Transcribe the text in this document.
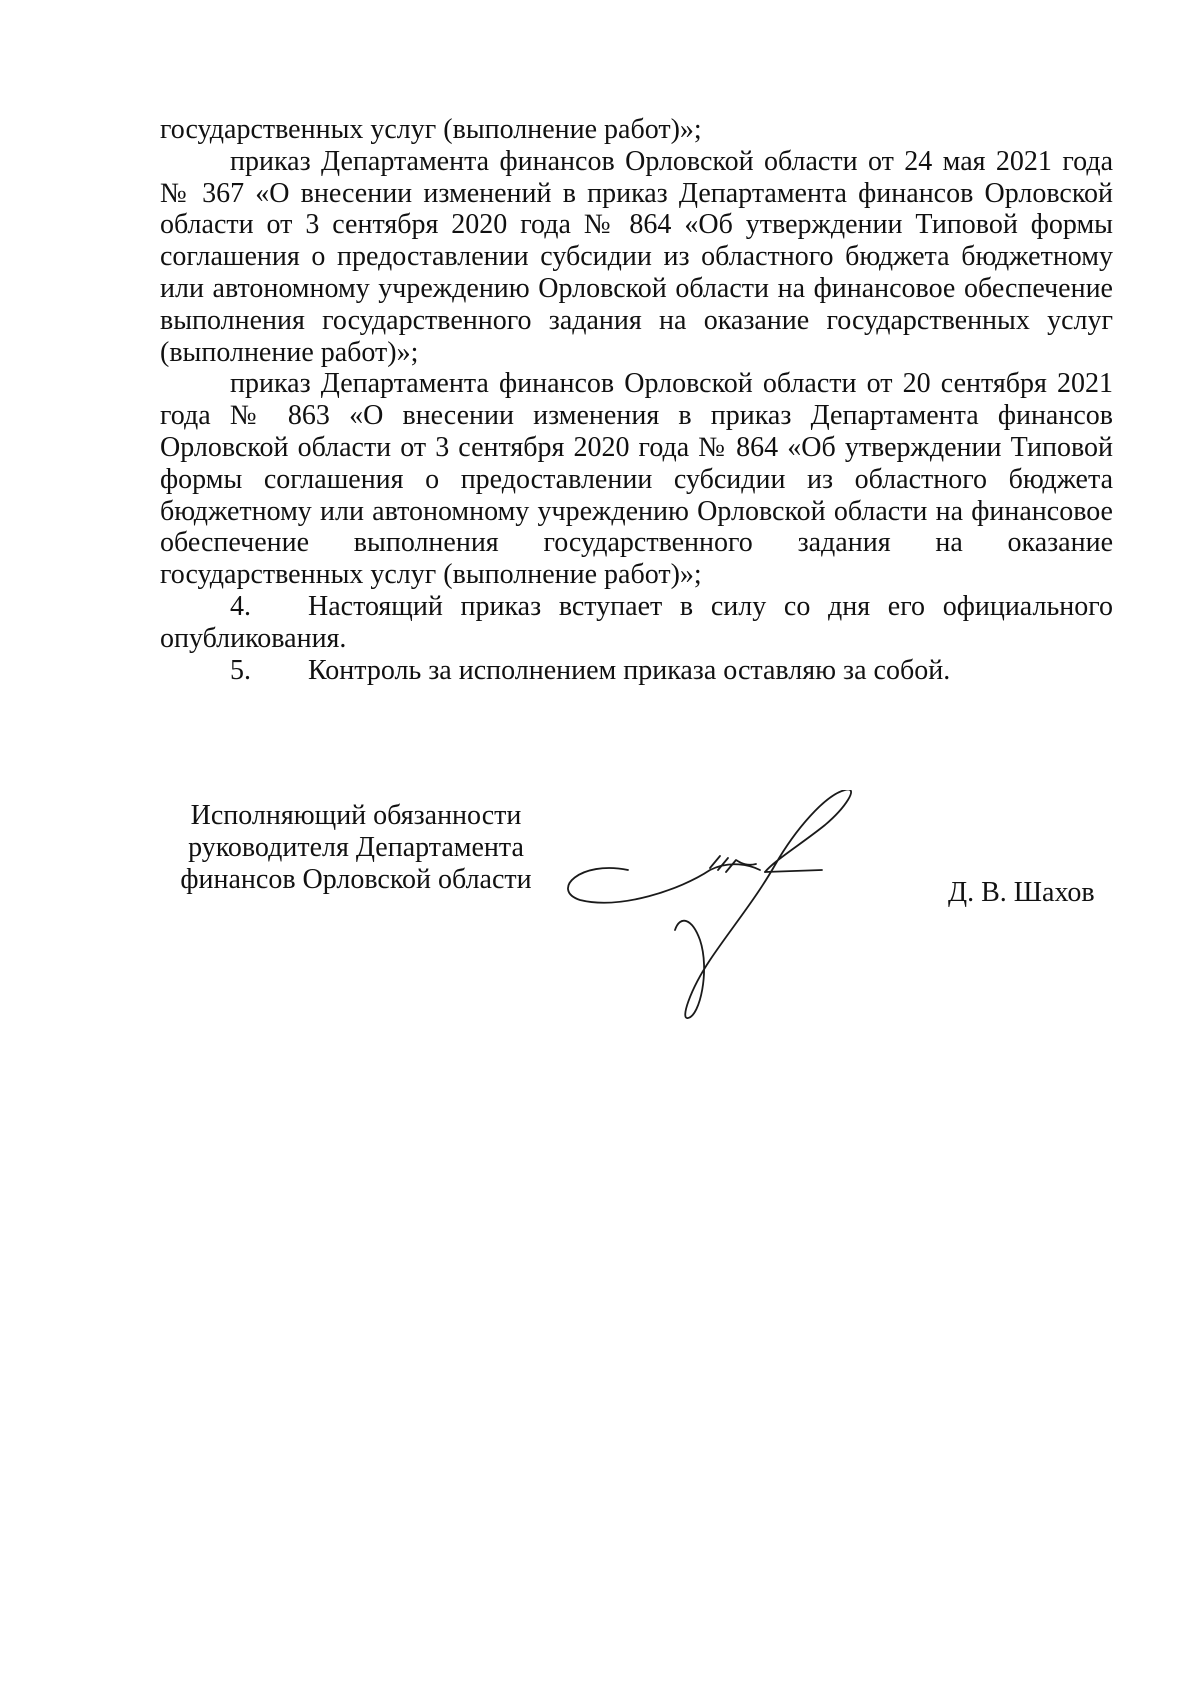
государственных услуг (выполнение работ)»;

приказ Департамента финансов Орловской области от 24 мая 2021 года № 367 «О внесении изменений в приказ Департамента финансов Орловской области от 3 сентября 2020 года № 864 «Об утверждении Типовой формы соглашения о предоставлении субсидии из областного бюджета бюджетному или автономному учреждению Орловской области на финансовое обеспечение выполнения государственного задания на оказание государственных услуг (выполнение работ)»;

приказ Департамента финансов Орловской области от 20 сентября 2021 года № 863 «О внесении изменения в приказ Департамента финансов Орловской области от 3 сентября 2020 года № 864 «Об утверждении Типовой формы соглашения о предоставлении субсидии из областного бюджета бюджетному или автономному учреждению Орловской области на финансовое обеспечение выполнения государственного задания на оказание государственных услуг (выполнение работ)»;

4. Настоящий приказ вступает в силу со дня его официального опубликования.

5. Контроль за исполнением приказа оставляю за собой.

Исполняющий обязанности
руководителя Департамента
финансов Орловской области	Д. В. Шахов
